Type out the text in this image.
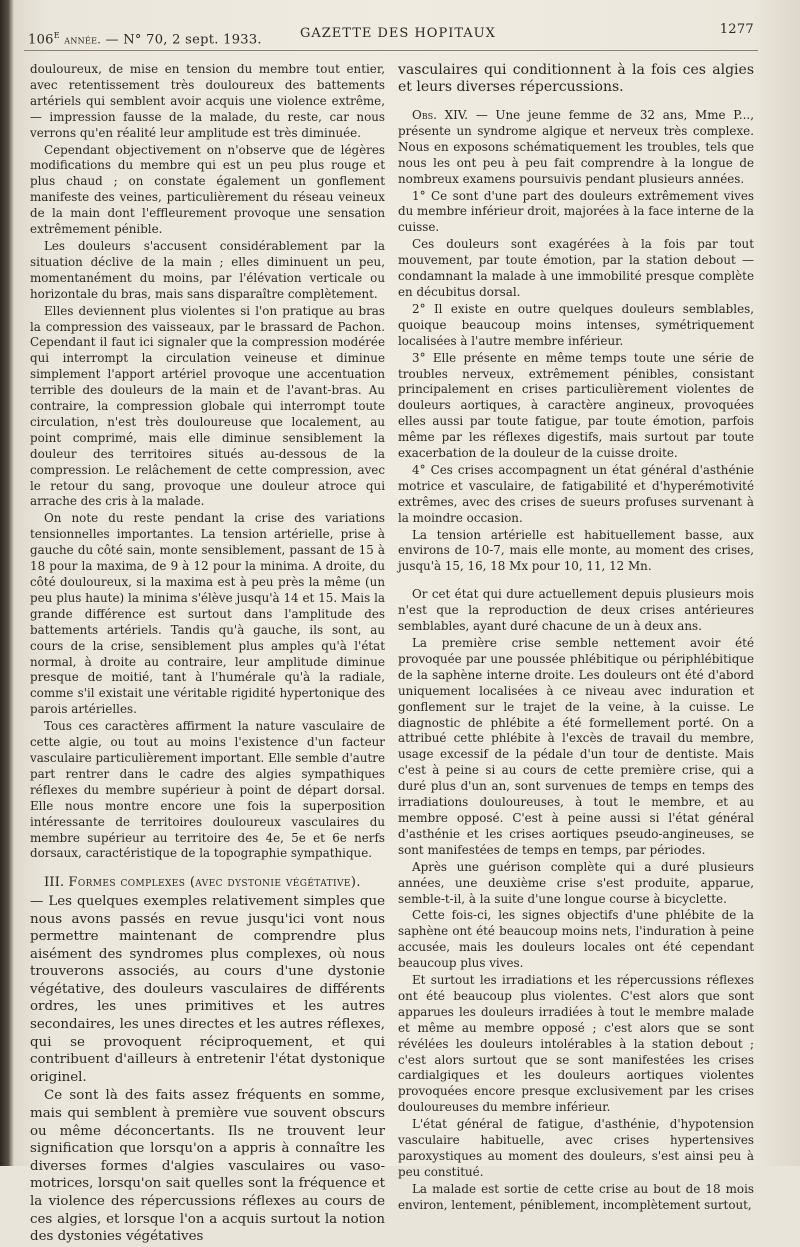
106e année. — N° 70, 2 sept. 1933.	GAZETTE DES HOPITAUX	1277

douloureux, de mise en tension du membre tout entier, avec retentissement très douloureux des battements artériels qui semblent avoir acquis une violence extrême, — impression fausse de la malade, du reste, car nous verrons qu'en réalité leur amplitude est très diminuée.

Cependant objectivement on n'observe que de légères modifications du membre qui est un peu plus rouge et plus chaud ; on constate également un gonflement manifeste des veines, particulièrement du réseau veineux de la main dont l'effleurement provoque une sensation extrêmement pénible.

Les douleurs s'accusent considérablement par la situation déclive de la main ; elles diminuent un peu, momentanément du moins, par l'élévation verticale ou horizontale du bras, mais sans disparaître complètement.

Elles deviennent plus violentes si l'on pratique au bras la compression des vaisseaux, par le brassard de Pachon. Cependant il faut ici signaler que la compression modérée qui interrompt la circulation veineuse et diminue simplement l'apport artériel provoque une accentuation terrible des douleurs de la main et de l'avant-bras. Au contraire, la compression globale qui interrompt toute circulation, n'est très douloureuse que localement, au point comprimé, mais elle diminue sensiblement la douleur des territoires situés au-dessous de la compression. Le relâchement de cette compression, avec le retour du sang, provoque une douleur atroce qui arrache des cris à la malade.

On note du reste pendant la crise des variations tensionnelles importantes. La tension artérielle, prise à gauche du côté sain, monte sensiblement, passant de 15 à 18 pour la maxima, de 9 à 12 pour la minima. A droite, du côté douloureux, si la maxima est à peu près la même (un peu plus haute) la minima s'élève jusqu'à 14 et 15. Mais la grande différence est surtout dans l'amplitude des battements artériels. Tandis qu'à gauche, ils sont, au cours de la crise, sensiblement plus amples qu'à l'état normal, à droite au contraire, leur amplitude diminue presque de moitié, tant à l'humérale qu'à la radiale, comme s'il existait une véritable rigidité hypertonique des parois artérielles.

Tous ces caractères affirment la nature vasculaire de cette algie, ou tout au moins l'existence d'un facteur vasculaire particulièrement important. Elle semble d'autre part rentrer dans le cadre des algies sympathiques réflexes du membre supérieur à point de départ dorsal. Elle nous montre encore une fois la superposition intéressante de territoires douloureux vasculaires du membre supérieur au territoire des 4e, 5e et 6e nerfs dorsaux, caractéristique de la topographie sympathique.

III. Formes complexes (avec dystonie végétative).

— Les quelques exemples relativement simples que nous avons passés en revue jusqu'ici vont nous permettre maintenant de comprendre plus aisément des syndromes plus complexes, où nous trouverons associés, au cours d'une dystonie végétative, des douleurs vasculaires de différents ordres, les unes primitives et les autres secondaires, les unes directes et les autres réflexes, qui se provoquent réciproquement, et qui contribuent d'ailleurs à entretenir l'état dystonique originel.

Ce sont là des faits assez fréquents en somme, mais qui semblent à première vue souvent obscurs ou même déconcertants. Ils ne trouvent leur signification que lorsqu'on a appris à connaître les diverses formes d'algies vasculaires ou vaso-motrices, lorsqu'on sait quelles sont la fréquence et la violence des répercussions réflexes au cours de ces algies, et lorsque l'on a acquis surtout la notion des dystonies végétatives

vasculaires qui conditionnent à la fois ces algies et leurs diverses répercussions.

Obs. XIV. — Une jeune femme de 32 ans, Mme P..., présente un syndrome algique et nerveux très complexe. Nous en exposons schématiquement les troubles, tels que nous les ont peu à peu fait comprendre à la longue de nombreux examens poursuivis pendant plusieurs années.

1° Ce sont d'une part des douleurs extrêmement vives du membre inférieur droit, majorées à la face interne de la cuisse.

Ces douleurs sont exagérées à la fois par tout mouvement, par toute émotion, par la station debout — condamnant la malade à une immobilité presque complète en décubitus dorsal.

2° Il existe en outre quelques douleurs semblables, quoique beaucoup moins intenses, symétriquement localisées à l'autre membre inférieur.

3° Elle présente en même temps toute une série de troubles nerveux, extrêmement pénibles, consistant principalement en crises particulièrement violentes de douleurs aortiques, à caractère angineux, provoquées elles aussi par toute fatigue, par toute émotion, parfois même par les réflexes digestifs, mais surtout par toute exacerbation de la douleur de la cuisse droite.

4° Ces crises accompagnent un état général d'asthénie motrice et vasculaire, de fatigabilité et d'hyperémotivité extrêmes, avec des crises de sueurs profuses survenant à la moindre occasion.

La tension artérielle est habituellement basse, aux environs de 10-7, mais elle monte, au moment des crises, jusqu'à 15, 16, 18 Mx pour 10, 11, 12 Mn.

Or cet état qui dure actuellement depuis plusieurs mois n'est que la reproduction de deux crises antérieures semblables, ayant duré chacune de un à deux ans.

La première crise semble nettement avoir été provoquée par une poussée phlébitique ou périphlébitique de la saphène interne droite. Les douleurs ont été d'abord uniquement localisées à ce niveau avec induration et gonflement sur le trajet de la veine, à la cuisse. Le diagnostic de phlébite a été formellement porté. On a attribué cette phlébite à l'excès de travail du membre, usage excessif de la pédale d'un tour de dentiste. Mais c'est à peine si au cours de cette première crise, qui a duré plus d'un an, sont survenues de temps en temps des irradiations douloureuses, à tout le membre, et au membre opposé. C'est à peine aussi si l'état général d'asthénie et les crises aortiques pseudo-angineuses, se sont manifestées de temps en temps, par périodes.

Après une guérison complète qui a duré plusieurs années, une deuxième crise s'est produite, apparue, semble-t-il, à la suite d'une longue course à bicyclette.

Cette fois-ci, les signes objectifs d'une phlébite de la saphène ont été beaucoup moins nets, l'induration à peine accusée, mais les douleurs locales ont été cependant beaucoup plus vives.

Et surtout les irradiations et les répercussions réflexes ont été beaucoup plus violentes. C'est alors que sont apparues les douleurs irradiées à tout le membre malade et même au membre opposé ; c'est alors que se sont révélées les douleurs intolérables à la station debout ; c'est alors surtout que se sont manifestées les crises cardialgiques et les douleurs aortiques violentes provoquées encore presque exclusivement par les crises douloureuses du membre inférieur.

L'état général de fatigue, d'asthénie, d'hypotension vasculaire habituelle, avec crises hypertensives paroxystiques au moment des douleurs, s'est ainsi peu à peu constitué.

La malade est sortie de cette crise au bout de 18 mois environ, lentement, péniblement, incomplètement surtout,
